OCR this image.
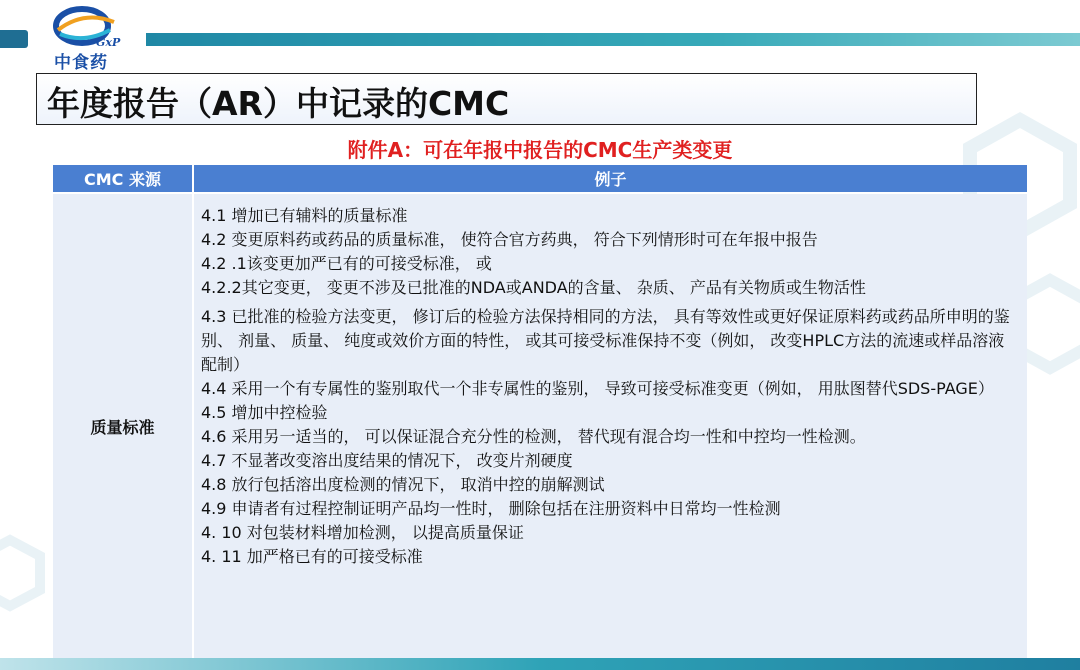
GxP
中食药
年度报告（AR）中记录的CMC
附件A：可在年报中报告的CMC生产类变更
CMC 来源	例子
质量标准

4.1 增加已有辅料的质量标准

4.2 变更原料药或药品的质量标准， 使符合官方药典， 符合下列情形时可在年报中报告

4.2 .1该变更加严已有的可接受标准， 或

4.2.2其它变更， 变更不涉及已批准的NDA或ANDA的含量、 杂质、 产品有关物质或生物活性

4.3 已批准的检验方法变更， 修订后的检验方法保持相同的方法， 具有等效性或更好保证原料药或药品所申明的鉴别、 剂量、 质量、 纯度或效价方面的特性， 或其可接受标准保持不变（例如， 改变HPLC方法的流速或样品溶液配制）

4.4 采用一个有专属性的鉴别取代一个非专属性的鉴别， 导致可接受标准变更（例如， 用肽图替代SDS-PAGE）

4.5 增加中控检验

4.6 采用另一适当的， 可以保证混合充分性的检测， 替代现有混合均一性和中控均一性检测。

4.7 不显著改变溶出度结果的情况下， 改变片剂硬度

4.8 放行包括溶出度检测的情况下， 取消中控的崩解测试

4.9 申请者有过程控制证明产品均一性时， 删除包括在注册资料中日常均一性检测

4. 10 对包装材料增加检测， 以提高质量保证

4. 11 加严格已有的可接受标准
